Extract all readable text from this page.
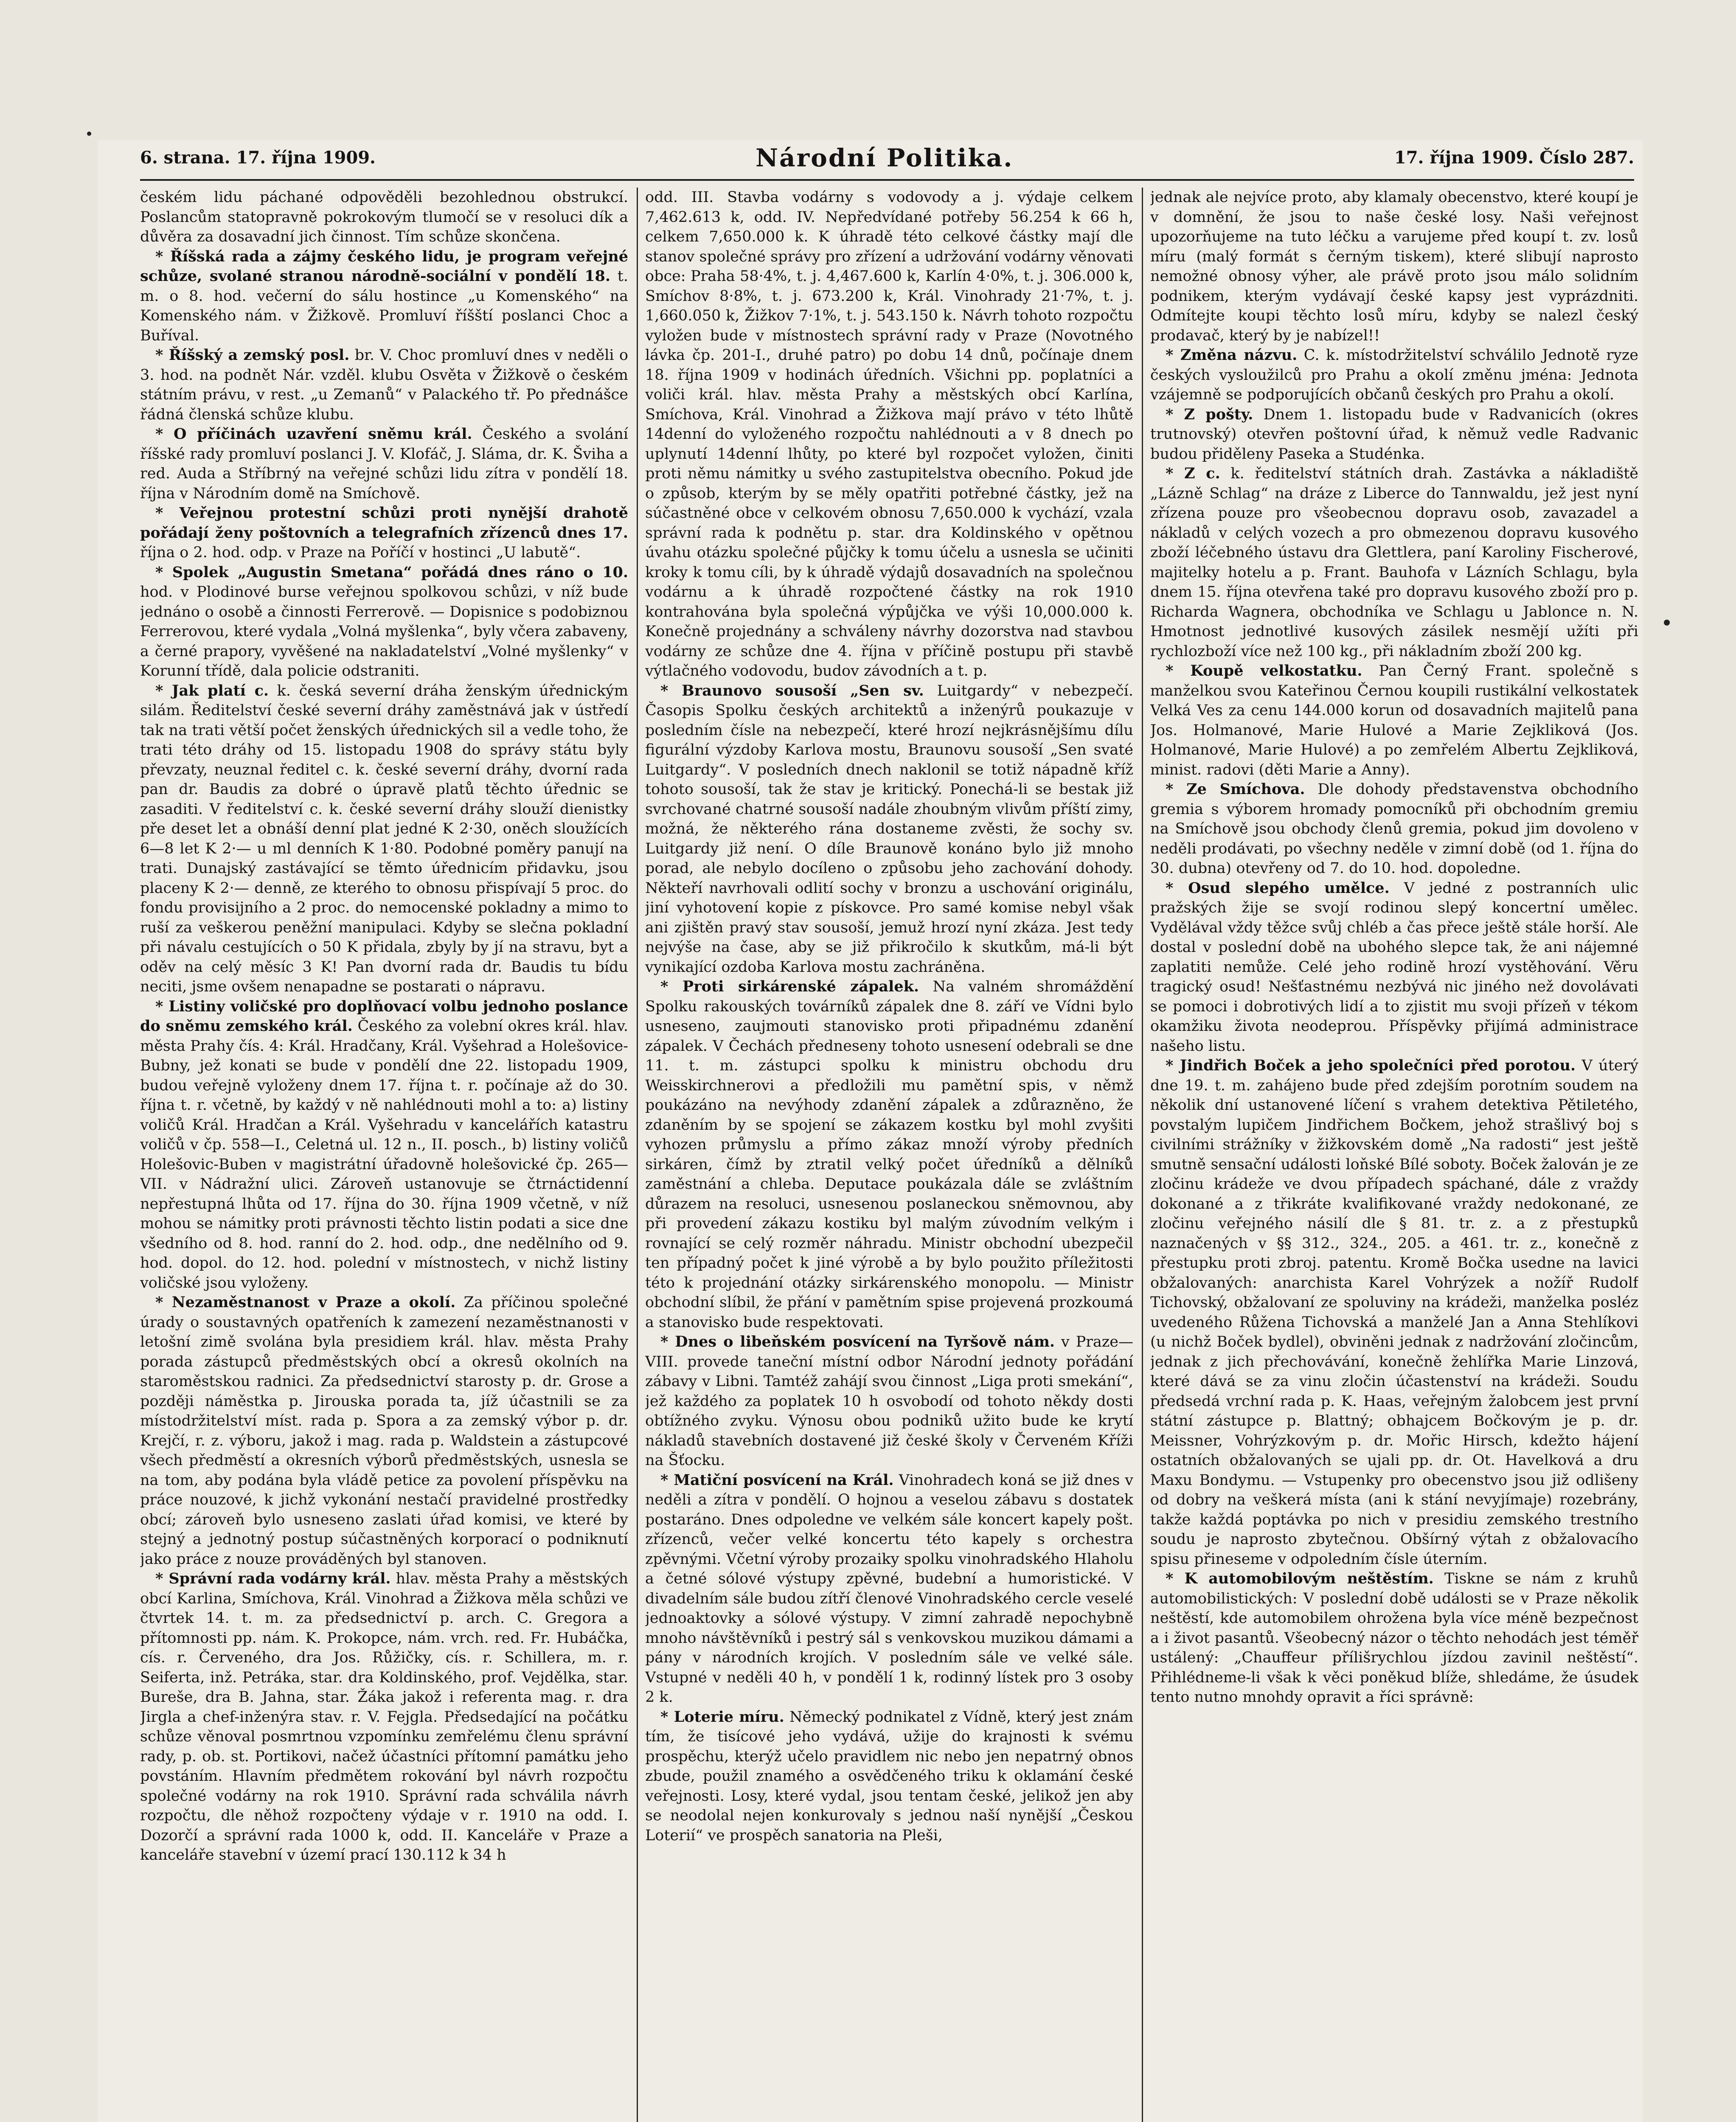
6. strana. 17. října 1909.	Národní Politika.	17. října 1909. Číslo 287.

českém lidu páchané odpověděli bezohlednou obstrukcí. Poslancům statopravně pokrokovým tlumočí se v resoluci dík a důvěra za dosavadní jich činnost. Tím schůze skončena.

* Říšská rada a zájmy českého lidu, je program veřejné schůze, svolané stranou národně-sociální v pondělí 18. t. m. o 8. hod. večerní do sálu hostince „u Komenského“ na Komenského nám. v Žižkově. Promluví říšští poslanci Choc a Buříval.

* Říšský a zemský posl. br. V. Choc promluví dnes v neděli o 3. hod. na podnět Nár. vzděl. klubu Osvěta v Žižkově o českém státním právu, v rest. „u Zemanů“ v Palackého tř. Po přednášce řádná členská schůze klubu.

* O příčinách uzavření sněmu král. Českého a svolání říšské rady promluví poslanci J. V. Klofáč, J. Sláma, dr. K. Šviha a red. Auda a Stříbrný na veřejné schůzi lidu zítra v pondělí 18. října v Národním domě na Smíchově.

* Veřejnou protestní schůzi proti nynější drahotě pořádají ženy poštovních a telegrafních zřízenců dnes 17. října o 2. hod. odp. v Praze na Poříčí v hostinci „U labutě“.

* Spolek „Augustin Smetana“ pořádá dnes ráno o 10. hod. v Plodinové burse veřejnou spolkovou schůzi, v níž bude jednáno o osobě a činnosti Ferrerově. — Dopisnice s podobiznou Ferrerovou, které vydala „Volná myšlenka“, byly včera zabaveny, a černé prapory, vyvěšené na nakladatelství „Volné myšlenky“ v Korunní třídě, dala policie odstraniti.

* Jak platí c. k. česká severní dráha ženským úřednickým silám. Ředitelství české severní dráhy zaměstnává jak v ústředí tak na trati větší počet ženských úřednických sil a vedle toho, že trati této dráhy od 15. listopadu 1908 do správy státu byly převzaty, neuznal ředitel c. k. české severní dráhy, dvorní rada pan dr. Baudis za dobré o úpravě platů těchto úřednic se zasaditi. V ředitelství c. k. české severní dráhy slouží dienistky pře deset let a obnáší denní plat jedné K 2·30, oněch sloužících 6—8 let K 2·— u ml denních K 1·80. Podobné poměry panují na trati. Dunajský zastávající se těmto úřednicím přidavku, jsou placeny K 2·— denně, ze kterého to obnosu přispívají 5 proc. do fondu provisijního a 2 proc. do nemocenské pokladny a mimo to ruší za veškerou peněžní manipulaci. Kdyby se slečna pokladní při návalu cestujících o 50 K přidala, zbyly by jí na stravu, byt a oděv na celý měsíc 3 K! Pan dvorní rada dr. Baudis tu bídu neciti, jsme ovšem nenapadne se postarati o nápravu.

* Listiny voličské pro doplňovací volbu jednoho poslance do sněmu zemského král. Českého za volební okres král. hlav. města Prahy čís. 4: Král. Hradčany, Král. Vyšehrad a Holešovice-Bubny, jež konati se bude v pondělí dne 22. listopadu 1909, budou veřejně vyloženy dnem 17. října t. r. počínaje až do 30. října t. r. včetně, by každý v ně nahlédnouti mohl a to: a) listiny voličů Král. Hradčan a Král. Vyšehradu v kancelářích katastru voličů v čp. 558—I., Celetná ul. 12 n., II. posch., b) listiny voličů Holešovic-Buben v magistrátní úřadovně holešovické čp. 265—VII. v Nádražní ulici. Zároveň ustanovuje se čtrnáctidenní nepřestupná lhůta od 17. října do 30. října 1909 včetně, v níž mohou se námitky proti právnosti těchto listin podati a sice dne všedního od 8. hod. ranní do 2. hod. odp., dne nedělního od 9. hod. dopol. do 12. hod. polední v místnostech, v nichž listiny voličské jsou vyloženy.

* Nezaměstnanost v Praze a okolí. Za příčinou společné úrady o soustavných opatřeních k zamezení nezaměstnanosti v letošní zimě svolána byla presidiem král. hlav. města Prahy porada zástupců předměstských obcí a okresů okolních na staroměstskou radnici. Za předsednictví starosty p. dr. Grose a později náměstka p. Jirouska porada ta, jíž účastnili se za místodržitelství míst. rada p. Spora a za zemský výbor p. dr. Krejčí, r. z. výboru, jakož i mag. rada p. Waldstein a zástupcové všech předměstí a okresních výborů předměstských, usnesla se na tom, aby podána byla vládě petice za povolení příspěvku na práce nouzové, k jichž vykonání nestačí pravidelné prostředky obcí; zároveň bylo usneseno zaslati úřad komisi, ve které by stejný a jednotný postup súčastněných korporací o podniknutí jako práce z nouze prováděných byl stanoven.

* Správní rada vodárny král. hlav. města Prahy a městských obcí Karlina, Smíchova, Král. Vinohrad a Žižkova měla schůzi ve čtvrtek 14. t. m. za předsednictví p. arch. C. Gregora a přítomnosti pp. nám. K. Prokopce, nám. vrch. red. Fr. Hubáčka, cís. r. Červeného, dra Jos. Růžičky, cís. r. Schillera, m. r. Seiferta, inž. Petráka, star. dra Koldinského, prof. Vejdělka, star. Bureše, dra B. Jahna, star. Žáka jakož i referenta mag. r. dra Jirgla a chef-inženýra stav. r. V. Fejgla. Předsedající na počátku schůze věnoval posmrtnou vzpomínku zemřelému členu správní rady, p. ob. st. Portikovi, načež účastníci přítomní památku jeho povstáním. Hlavním předmětem rokování byl návrh rozpočtu společné vodárny na rok 1910. Správní rada schválila návrh rozpočtu, dle něhož rozpočteny výdaje v r. 1910 na odd. I. Dozorčí a správní rada 1000 k, odd. II. Kanceláře v Praze a kanceláře stavební v území prací 130.112 k 34 h

odd. III. Stavba vodárny s vodovody a j. výdaje celkem 7,462.613 k, odd. IV. Nepředvídané potřeby 56.254 k 66 h, celkem 7,650.000 k. K úhradě této celkové částky mají dle stanov společné správy pro zřízení a udržování vodárny věnovati obce: Praha 58·4%, t. j. 4,467.600 k, Karlín 4·0%, t. j. 306.000 k, Smíchov 8·8%, t. j. 673.200 k, Král. Vinohrady 21·7%, t. j. 1,660.050 k, Žižkov 7·1%, t. j. 543.150 k. Návrh tohoto rozpočtu vyložen bude v místnostech správní rady v Praze (Novotného lávka čp. 201-I., druhé patro) po dobu 14 dnů, počínaje dnem 18. října 1909 v hodinách úředních. Všichni pp. poplatníci a voliči král. hlav. města Prahy a městských obcí Karlína, Smíchova, Král. Vinohrad a Žižkova mají právo v této lhůtě 14denní do vyloženého rozpočtu nahlédnouti a v 8 dnech po uplynutí 14denní lhůty, po které byl rozpočet vyložen, činiti proti němu námitky u svého zastupitelstva obecního. Pokud jde o způsob, kterým by se měly opatřiti potřebné částky, jež na súčastněné obce v celkovém obnosu 7,650.000 k vychází, vzala správní rada k podnětu p. star. dra Koldinského v opětnou úvahu otázku společné půjčky k tomu účelu a usnesla se učiniti kroky k tomu cíli, by k úhradě výdajů dosavadních na společnou vodárnu a k úhradě rozpočtené částky na rok 1910 kontrahována byla společná výpůjčka ve výši 10,000.000 k. Konečně projednány a schváleny návrhy dozorstva nad stavbou vodárny ze schůze dne 4. října v příčině postupu při stavbě výtlačného vodovodu, budov závodních a t. p.

* Braunovo sousoší „Sen sv. Luitgardy“ v nebezpečí. Časopis Spolku českých architektů a inženýrů poukazuje v posledním čísle na nebezpečí, které hrozí nejkrásnějšímu dílu figurální výzdoby Karlova mostu, Braunovu sousoší „Sen svaté Luitgardy“. V posledních dnech naklonil se totiž nápadně kříž tohoto sousoší, tak že stav je kritický. Ponechá-li se bestak již svrchované chatrné sousoší nadále zhoubným vlivům příští zimy, možná, že některého rána dostaneme zvěsti, že sochy sv. Luitgardy již není. O díle Braunově konáno bylo již mnoho porad, ale nebylo docíleno o způsobu jeho zachování dohody. Někteří navrhovali odlití sochy v bronzu a uschování originálu, jiní vyhotovení kopie z pískovce. Pro samé komise nebyl však ani zjištěn pravý stav sousoší, jemuž hrozí nyní zkáza. Jest tedy nejvýše na čase, aby se již přikročilo k skutkům, má-li být vynikající ozdoba Karlova mostu zachráněna.

* Proti sirkárenské zápalek. Na valném shromáždění Spolku rakouských továrníků zápalek dne 8. září ve Vídni bylo usneseno, zaujmouti stanovisko proti připadnému zdanění zápalek. V Čechách předneseny tohoto usnesení odebrali se dne 11. t. m. zástupci spolku k ministru obchodu dru Weisskirchnerovi a předložili mu pamětní spis, v němž poukázáno na nevýhody zdanění zápalek a zdůrazněno, že zdaněním by se spojení se zákazem kostku byl mohl zvyšiti vyhozen průmyslu a přímo zákaz množí výroby předních sirkáren, čímž by ztratil velký počet úředníků a dělníků zaměstnání a chleba. Deputace poukázala dále se zvláštním důrazem na resoluci, usnesenou poslaneckou sněmovnou, aby při provedení zákazu kostiku byl malým zúvodním velkým i rovnající se celý rozměr náhradu. Ministr obchodní ubezpečil ten případný počet k jiné výrobě a by bylo použito příležitosti této k projednání otázky sirkárenského monopolu. — Ministr obchodní slíbil, že přání v pamětním spise projevená prozkoumá a stanovisko bude respektovati.

* Dnes o libeňském posvícení na Tyršově nám. v Praze—VIII. provede taneční místní odbor Národní jednoty pořádání zábavy v Libni. Tamtéž zahájí svou činnost „Liga proti smekání“, jež každého za poplatek 10 h osvobodí od tohoto někdy dosti obtížného zvyku. Výnosu obou podniků užito bude ke krytí nákladů stavebních dostavené již české školy v Červeném Kříži na Šťocku.

* Matiční posvícení na Král. Vinohradech koná se již dnes v neděli a zítra v pondělí. O hojnou a veselou zábavu s dostatek postaráno. Dnes odpoledne ve velkém sále koncert kapely pošt. zřízenců, večer velké koncertu této kapely s orchestra zpěvnými. Včetní výroby prozaiky spolku vinohradského Hlaholu a četné sólové výstupy zpěvné, budební a humoristické. V divadelním sále budou zítří členové Vinohradského cercle veselé jednoaktovky a sólové výstupy. V zimní zahradě nepochybně mnoho návštěvníků i pestrý sál s venkovskou muzikou dámami a pány v národních krojích. V posledním sále ve velké sále. Vstupné v neděli 40 h, v pondělí 1 k, rodinný lístek pro 3 osoby 2 k.

* Loterie míru. Německý podnikatel z Vídně, který jest znám tím, že tisícové jeho vydává, užije do krajnosti k svému prospěchu, kterýž učelo pravidlem nic nebo jen nepatrný obnos zbude, použil znamého a osvědčeného triku k oklamání české veřejnosti. Losy, které vydal, jsou tentam české, jelikož jen aby se neodolal nejen konkurovaly s jednou naší nynější „Českou Loterií“ ve prospěch sanatoria na Pleši,

jednak ale nejvíce proto, aby klamaly obecenstvo, které koupí je v domnění, že jsou to naše české losy. Naši veřejnost upozorňujeme na tuto léčku a varujeme před koupí t. zv. losů míru (malý formát s černým tiskem), které slibují naprosto nemožné obnosy výher, ale právě proto jsou málo solidním podnikem, kterým vydávají české kapsy jest vyprázdniti. Odmítejte koupi těchto losů míru, kdyby se nalezl český prodavač, který by je nabízel!!

* Změna názvu. C. k. místodržitelství schválilo Jednotě ryze českých vysloužilců pro Prahu a okolí změnu jména: Jednota vzájemně se podporujících občanů českých pro Prahu a okolí.

* Z pošty. Dnem 1. listopadu bude v Radvanicích (okres trutnovský) otevřen poštovní úřad, k němuž vedle Radvanic budou přiděleny Paseka a Studénka.

* Z c. k. ředitelství státních drah. Zastávka a nákladiště „Lázně Schlag“ na dráze z Liberce do Tannwaldu, jež jest nyní zřízena pouze pro všeobecnou dopravu osob, zavazadel a nákladů v celých vozech a pro obmezenou dopravu kusového zboží léčebného ústavu dra Glettlera, paní Karoliny Fischerové, majitelky hotelu a p. Frant. Bauhofa v Lázních Schlagu, byla dnem 15. října otevřena také pro dopravu kusového zboží pro p. Richarda Wagnera, obchodníka ve Schlagu u Jablonce n. N. Hmotnost jednotlivé kusových zásilek nesmějí užíti při rychlozboží více než 100 kg., při nákladním zboží 200 kg.

* Koupě velkostatku. Pan Černý Frant. společně s manželkou svou Kateřinou Černou koupili rustikální velkostatek Velká Ves za cenu 144.000 korun od dosavadních majitelů pana Jos. Holmanové, Marie Hulové a Marie Zejkliková (Jos. Holmanové, Marie Hulové) a po zemřelém Albertu Zejkliková, minist. radovi (děti Marie a Anny).

* Ze Smíchova. Dle dohody představenstva obchodního gremia s výborem hromady pomocníků při obchodním gremiu na Smíchově jsou obchody členů gremia, pokud jim dovoleno v neděli prodávati, po všechny neděle v zimní době (od 1. října do 30. dubna) otevřeny od 7. do 10. hod. dopoledne.

* Osud slepého umělce. V jedné z postranních ulic pražských žije se svojí rodinou slepý koncertní umělec. Vydělával vždy těžce svůj chléb a čas přece ještě stále horší. Ale dostal v poslední době na ubohého slepce tak, že ani nájemné zaplatiti nemůže. Celé jeho rodině hrozí vystěhování. Věru tragický osud! Nešťastnému nezbývá nic jiného než dovolávati se pomoci i dobrotivých lidí a to zjistit mu svoji přízeň v tékom okamžiku života neodeprou. Příspěvky přijímá administrace našeho listu.

* Jindřich Boček a jeho společníci před porotou. V úterý dne 19. t. m. zahájeno bude před zdejším porotním soudem na několik dní ustanovené líčení s vrahem detektiva Pětiletého, povstalým lupičem Jindřichem Bočkem, jehož strašlivý boj s civilními strážníky v žižkovském domě „Na radosti“ jest ještě smutně sensační události loňské Bílé soboty. Boček žalován je ze zločinu krádeže ve dvou případech spáchané, dále z vraždy dokonané a z třikráte kvalifikované vraždy nedokonané, ze zločinu veřejného násilí dle § 81. tr. z. a z přestupků naznačených v §§ 312., 324., 205. a 461. tr. z., konečně z přestupku proti zbroj. patentu. Kromě Bočka usedne na lavici obžalovaných: anarchista Karel Vohrýzek a nožíř Rudolf Tichovský, obžalovaní ze spoluviny na krádeži, manželka posléz uvedeného Růžena Tichovská a manželé Jan a Anna Stehlíkovi (u nichž Boček bydlel), obviněni jednak z nadržování zločincům, jednak z jich přechovávání, konečně žehlířka Marie Linzová, které dává se za vinu zločin účastenství na krádeži. Soudu předsedá vrchní rada p. K. Haas, veřejným žalobcem jest první státní zástupce p. Blattný; obhajcem Bočkovým je p. dr. Meissner, Vohrýzkovým p. dr. Mořic Hirsch, kdežto hájení ostatních obžalovaných se ujali pp. dr. Ot. Havelková a dru Maxu Bondymu. — Vstupenky pro obecenstvo jsou již odlišeny od dobry na veškerá místa (ani k stání nevyjímaje) rozebrány, takže každá poptávka po nich v presidiu zemského trestního soudu je naprosto zbytečnou. Obšírný výtah z obžalovacího spisu přineseme v odpoledním čísle úterním.

* K automobilovým neštěstím. Tiskne se nám z kruhů automobilistických: V poslední době události se v Praze několik neštěstí, kde automobilem ohrožena byla více méně bezpečnost a i život pasantů. Všeobecný názor o těchto nehodách jest téměř ustálený: „Chauffeur přílišrychlou jízdou zavinil neštěstí“. Přihlédneme-li však k věci poněkud blíže, shledáme, že úsudek tento nutno mnohdy opravit a říci správně:
